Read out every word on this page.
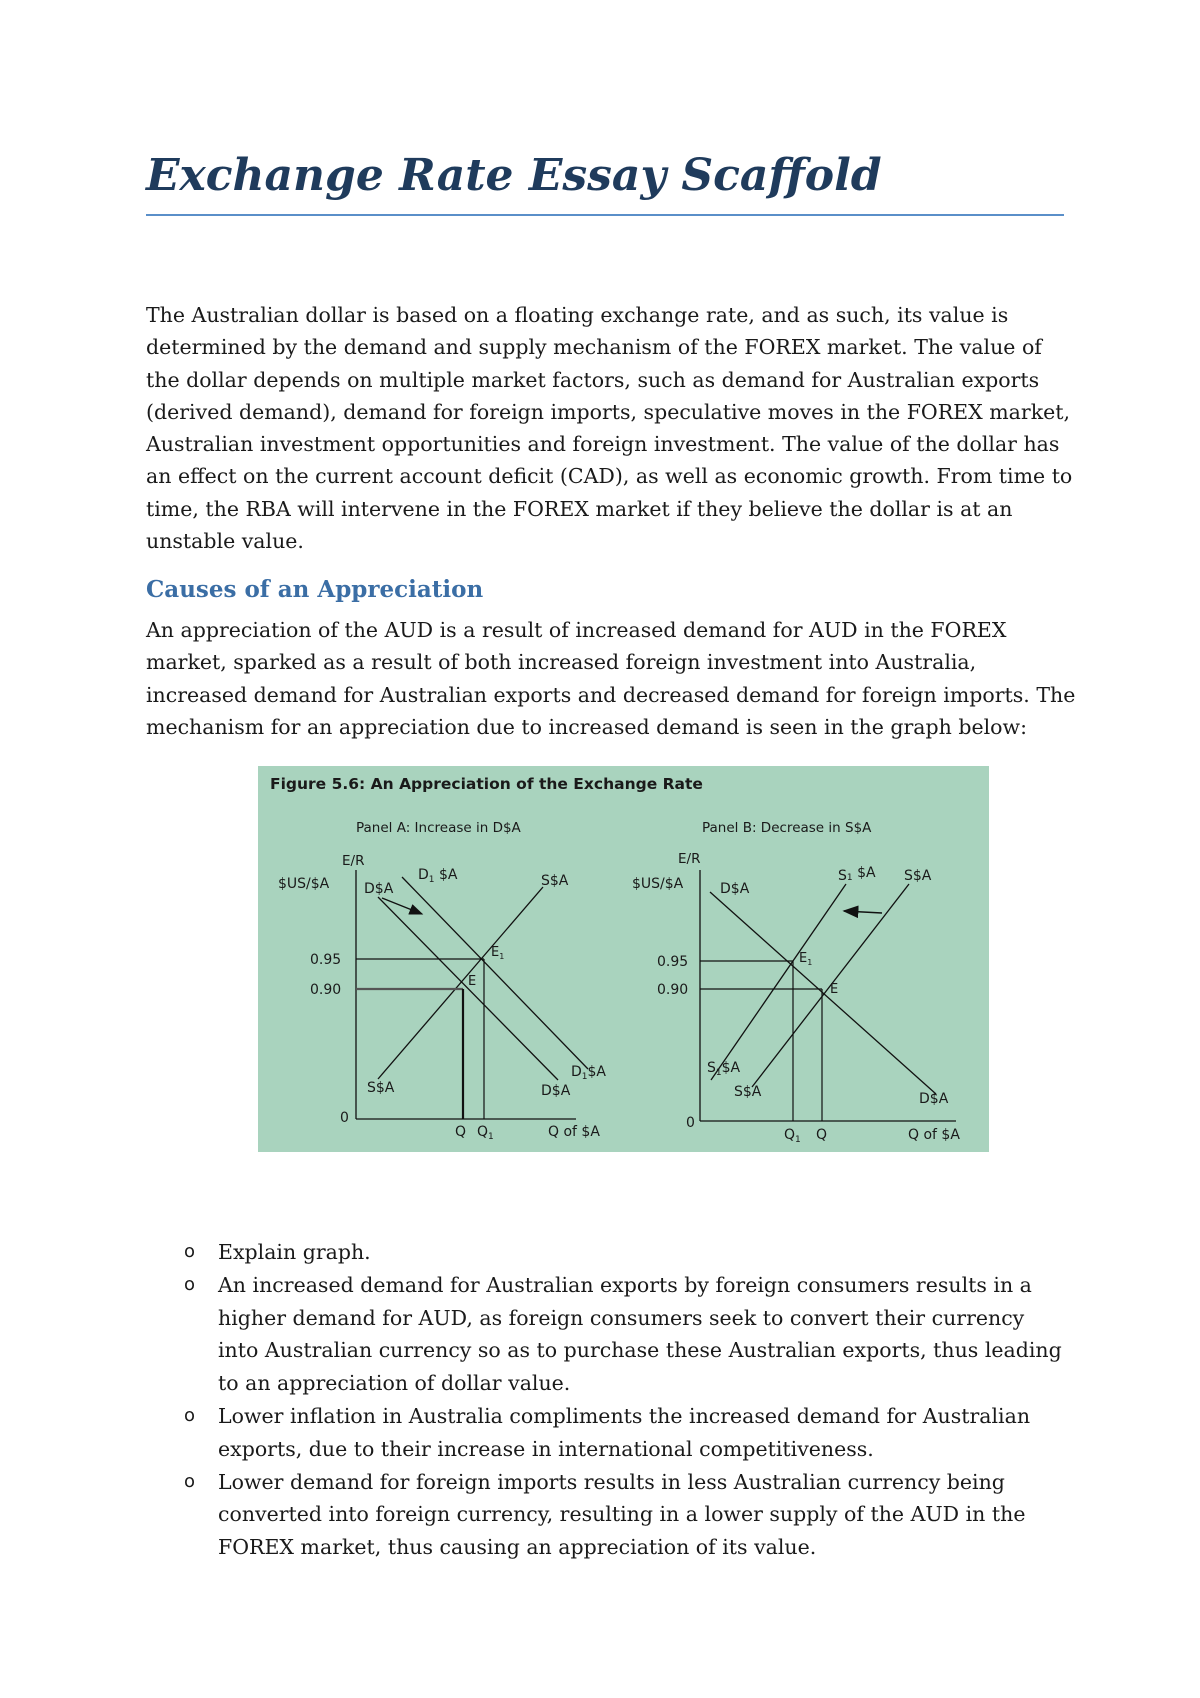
Exchange Rate Essay Scaffold

The Australian dollar is based on a floating exchange rate, and as such, its value is determined by the demand and supply mechanism of the FOREX market. The value of the dollar depends on multiple market factors, such as demand for Australian exports (derived demand), demand for foreign imports, speculative moves in the FOREX market, Australian investment opportunities and foreign investment. The value of the dollar has an effect on the current account deficit (CAD), as well as economic growth. From time to time, the RBA will intervene in the FOREX market if they believe the dollar is at an unstable value.

Causes of an Appreciation

An appreciation of the AUD is a result of increased demand for AUD in the FOREX market, sparked as a result of both increased foreign investment into Australia, increased demand for Australian exports and decreased demand for foreign imports. The mechanism for an appreciation due to increased demand is seen in the graph below:

Figure 5.6: An Appreciation of the Exchange Rate
Panel A: Increase in D$A
E/R
$US/$A
0.95
0.90
0
Q of $A
D$A
$D_1$ $A	S$A
S$A	D$A
$D_1\$A$
E
$E_1$
Q $Q_1$
Panel B: Decrease in S$A
E/R
$US/$A
0.95
0.90
0
Q of $A
D$A
S1 $A S$A
$S_1\$A$
S$A	D$A
$E_1$
E
$Q_1$ Q
o Explain graph.
o An increased demand for Australian exports by foreign consumers results in a higher demand for AUD, as foreign consumers seek to convert their currency into Australian currency so as to purchase these Australian exports, thus leading to an appreciation of dollar value.
o Lower inflation in Australia compliments the increased demand for Australian exports, due to their increase in international competitiveness.
o Lower demand for foreign imports results in less Australian currency being converted into foreign currency, resulting in a lower supply of the AUD in the FOREX market, thus causing an appreciation of its value.
